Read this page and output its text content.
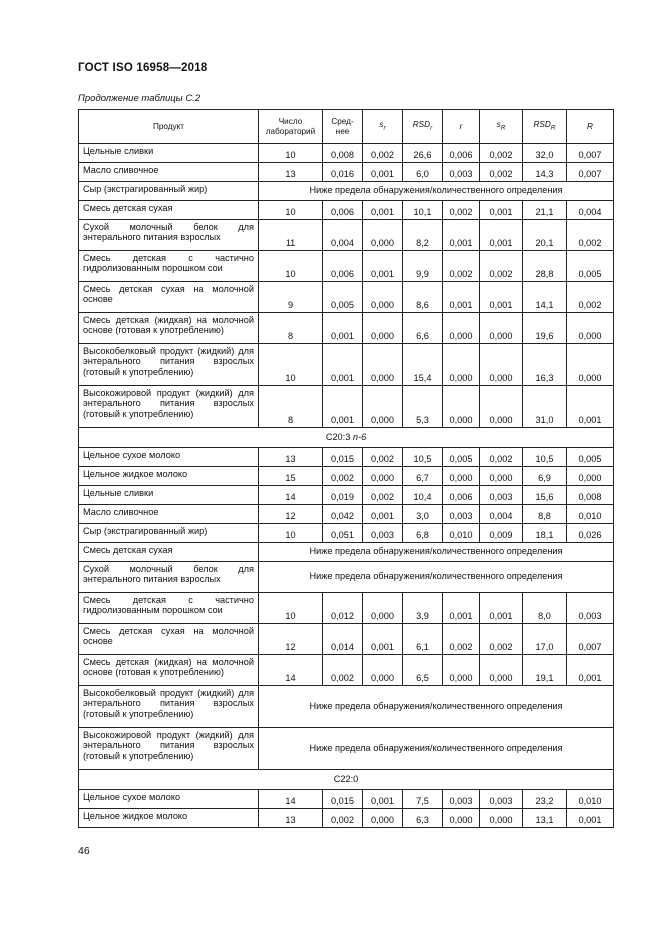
ГОСТ ISO 16958—2018
Продолжение таблицы С.2
Продукт	Число лабораторий	Сред-нее	$s_r$	$RSD_r$	r	$s_R$	$RSD_R$	R
Цельные сливки	10	0,008	0,002	26,6	0,006	0,002	32,0	0,007
Масло сливочное	13	0,016	0,001	6,0	0,003	0,002	14,3	0,007
Сыр (экстрагированный жир)	Ниже предела обнаружения/количественного определения							
Смесь детская сухая	10	0,006	0,001	10,1	0,002	0,001	21,1	0,004
Сухой молочный белок для энтерального питания взрослых	11	0,004	0,000	8,2	0,001	0,001	20,1	0,002
Смесь детская с частично гидролизованным порошком сои	10	0,006	0,001	9,9	0,002	0,002	28,8	0,005
Смесь детская сухая на молочной основе	9	0,005	0,000	8,6	0,001	0,001	14,1	0,002
Смесь детская (жидкая) на молочной основе (готовая к употреблению)	8	0,001	0,000	6,6	0,000	0,000	19,6	0,000
Высокобелковый продукт (жидкий) для энтерального питания взрослых (готовый к употреблению)	10	0,001	0,000	15,4	0,000	0,000	16,3	0,000
Высокожировой продукт (жидкий) для энтерального питания взрослых (готовый к употреблению)	8	0,001	0,000	5,3	0,000	0,000	31,0	0,001
C20:3 n-6								
Цельное сухое молоко	13	0,015	0,002	10,5	0,005	0,002	10,5	0,005
Цельное жидкое молоко	15	0,002	0,000	6,7	0,000	0,000	6,9	0,000
Цельные сливки	14	0,019	0,002	10,4	0,006	0,003	15,6	0,008
Масло сливочное	12	0,042	0,001	3,0	0,003	0,004	8,8	0,010
Сыр (экстрагированный жир)	10	0,051	0,003	6,8	0,010	0,009	18,1	0,026
Смесь детская сухая	Ниже предела обнаружения/количественного определения							
Сухой молочный белок для энтерального питания взрослых	Ниже предела обнаружения/количественного определения							
Смесь детская с частично гидролизованным порошком сои	10	0,012	0,000	3,9	0,001	0,001	8,0	0,003
Смесь детская сухая на молочной основе	12	0,014	0,001	6,1	0,002	0,002	17,0	0,007
Смесь детская (жидкая) на молочной основе (готовая к употреблению)	14	0,002	0,000	6,5	0,000	0,000	19,1	0,001
Высокобелковый продукт (жидкий) для энтерального питания взрослых (готовый к употреблению)	Ниже предела обнаружения/количественного определения							
Высокожировой продукт (жидкий) для энтерального питания взрослых (готовый к употреблению)	Ниже предела обнаружения/количественного определения							
C22:0								
Цельное сухое молоко	14	0,015	0,001	7,5	0,003	0,003	23,2	0,010
Цельное жидкое молоко	13	0,002	0,000	6,3	0,000	0,000	13,1	0,001
46
